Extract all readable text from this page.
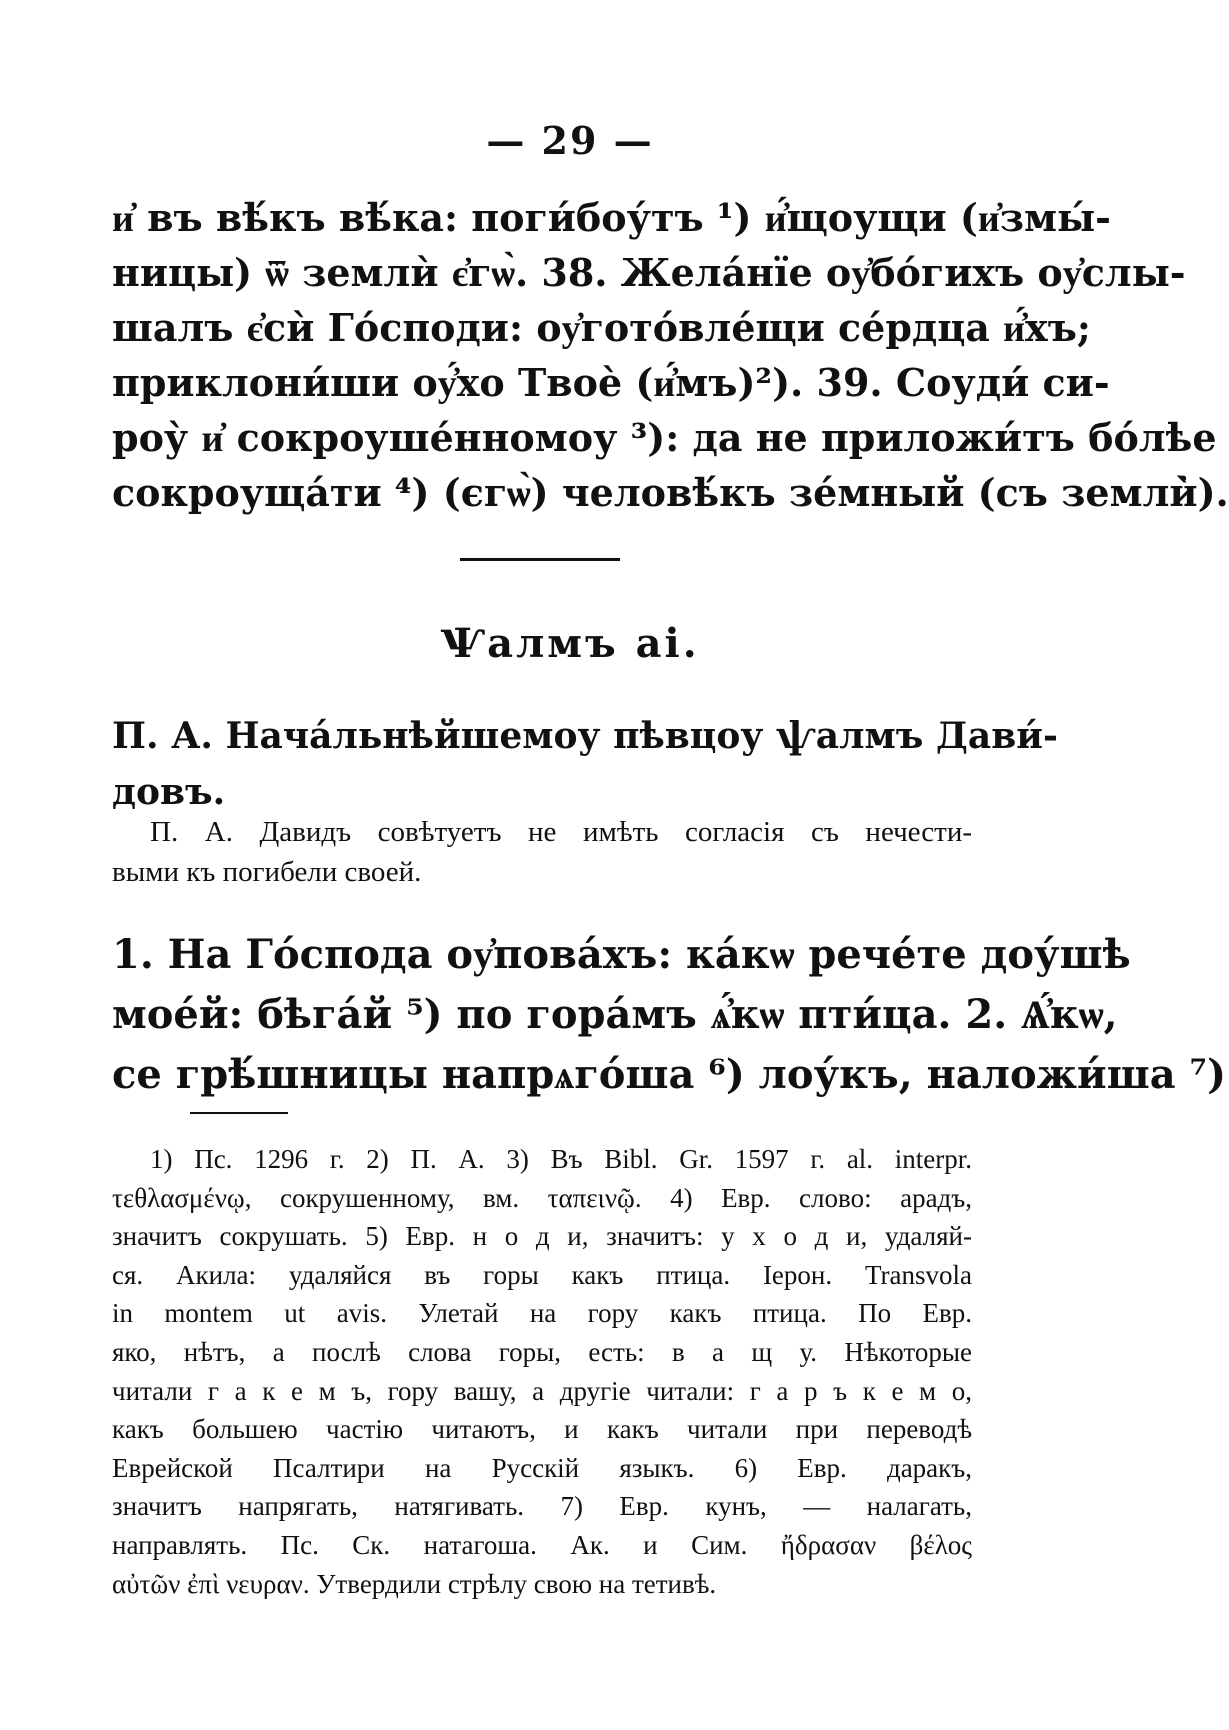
— 29 —
и҆ въ вѣ́къ вѣ́ка: поги́боу́тъ ¹) и҆́щоущи (и҆змы́-
ницы) ѿ землѝ є҆гѡ̀. 38. Жела́нїе оу҆бо́гихъ оу҆слы-
шалъ є҆сѝ Го́споди: оу҆гото́вле́щи се́рдца и҆́хъ;
приклони́ши оу҆́хо Твоѐ (и҆́мъ)²). 39. Соуди́ си-
роу̀ и҆ сокроуше́нномоу ³): да не приложи́тъ бо́лѣе
сокроуща́ти ⁴) (єгѡ̀) человѣ́къ зе́мный (съ земли̇̀).
Ѱалмъ аі.
П. А. Нача́льнѣйшемоу пѣвцоу ѱалмъ Дави́-
довъ.
П. А. Давидъ совѣтуетъ не имѣть согласія съ нечести-
выми къ погибели своей.
1. На Го́спода оу҆пова́хъ: ка́кѡ рече́те доу́шѣ
мое́й: бѣга́й ⁵) по гора́мъ ѧ҆́кѡ пти́ца. 2. Ѧ҆́кѡ,
се грѣ́шницы напрѧго́ша ⁶) лоу́къ, наложи́ша ⁷)
1) Пс. 1296 г. 2) П. А. 3) Въ Bibl. Gr. 1597 г. al. interpr.
τεθλασμένῳ, сокрушенному, вм. ταπεινῷ. 4) Евр. слово: арадъ,
значитъ сокрушать. 5) Евр. н о д и, значитъ: у х о д и, удаляй-
ся. Акила: удаляйся въ горы какъ птица. Іерон. Transvola
in montem ut avis. Улетай на гору какъ птица. По Евр.
яко, нѣтъ, а послѣ слова горы, есть: в а щ у. Нѣкоторые
читали г а к е м ъ, гору вашу, а другіе читали: г а р ъ к е м о,
какъ большею частію читаютъ, и какъ читали при переводѣ
Еврейской Псалтири на Русскій языкъ. 6) Евр. даракъ,
значитъ напрягать, натягивать. 7) Евр. кунъ, — налагать,
направлять. Пс. Ск. натагоша. Ак. и Сим. ἤδρασαν βέλος
αὐτῶν ἐπὶ νευραν. Утвердили стрѣлу свою на тетивѣ.
